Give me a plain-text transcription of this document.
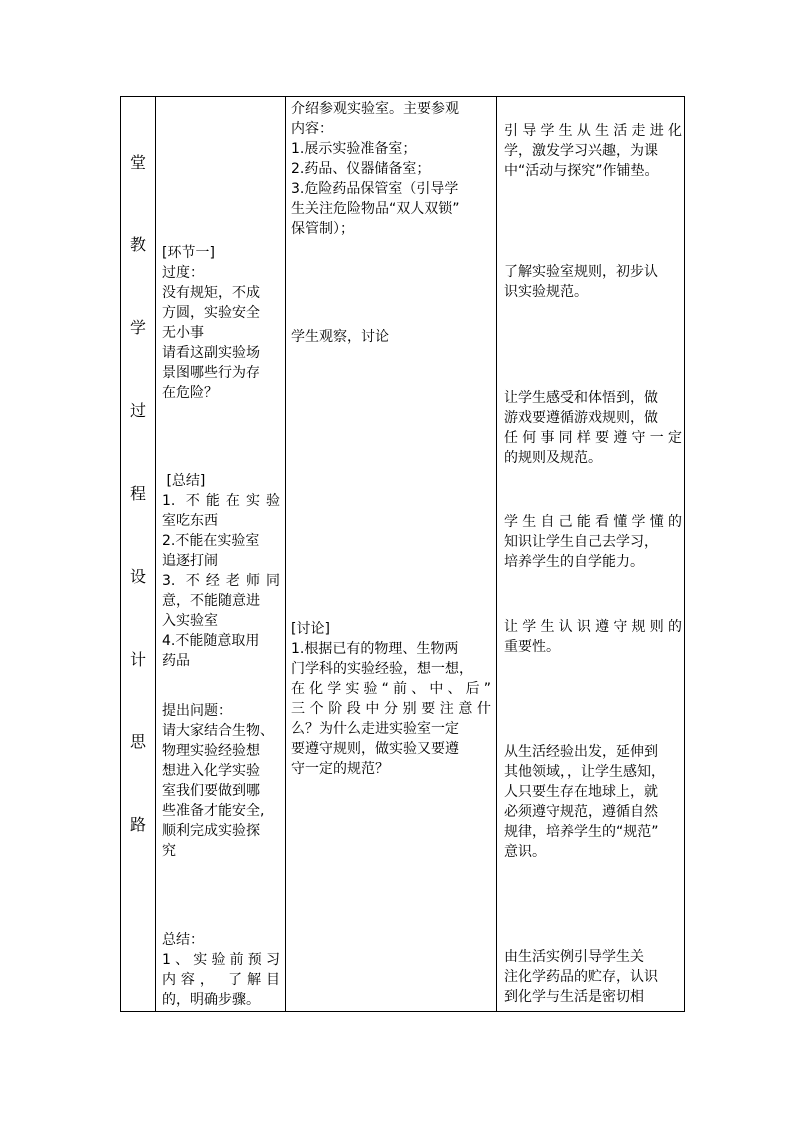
堂
教
学
过
程
设
计
思
路
[环节一]
过度：
没有规矩，不成
方圆，实验安全
无小事
请看这副实验场
景图哪些行为存
在危险？
[总结]
1. 不能在实验
室吃东西
2.不能在实验室
追逐打闹
3. 不经老师同
意，不能随意进
入实验室
4.不能随意取用
药品
提出问题：
请大家结合生物、
物理实验经验想
想进入化学实验
室我们要做到哪
些准备才能安全,
顺利完成实验探
究
总结：
1、实验前预习
内容， 了解目
的，明确步骤。
介绍参观实验室。主要参观
内容：
1.展示实验准备室；
2.药品、仪器储备室；
3.危险药品保管室（引导学
生关注危险物品“双人双锁”
保管制）；
学生观察，讨论
[讨论]
1.根据已有的物理、生物两
门学科的实验经验，想一想，
在化学实验“前、中、后”
三个阶段中分别要注意什
么？为什么走进实验室一定
要遵守规则，做实验又要遵
守一定的规范？
引导学生从生活走进化
学，激发学习兴趣，为课
中“活动与探究”作铺垫。
了解实验室规则，初步认
识实验规范。
让学生感受和体悟到，做
游戏要遵循游戏规则，做
任何事同样要遵守一定
的规则及规范。
学生自己能看懂学懂的
知识让学生自己去学习，
培养学生的自学能力。
让学生认识遵守规则的
重要性。
从生活经验出发，延伸到
其他领域，，让学生感知，
人只要生存在地球上，就
必须遵守规范，遵循自然
规律，培养学生的“规范”
意识。
由生活实例引导学生关
注化学药品的贮存，认识
到化学与生活是密切相
